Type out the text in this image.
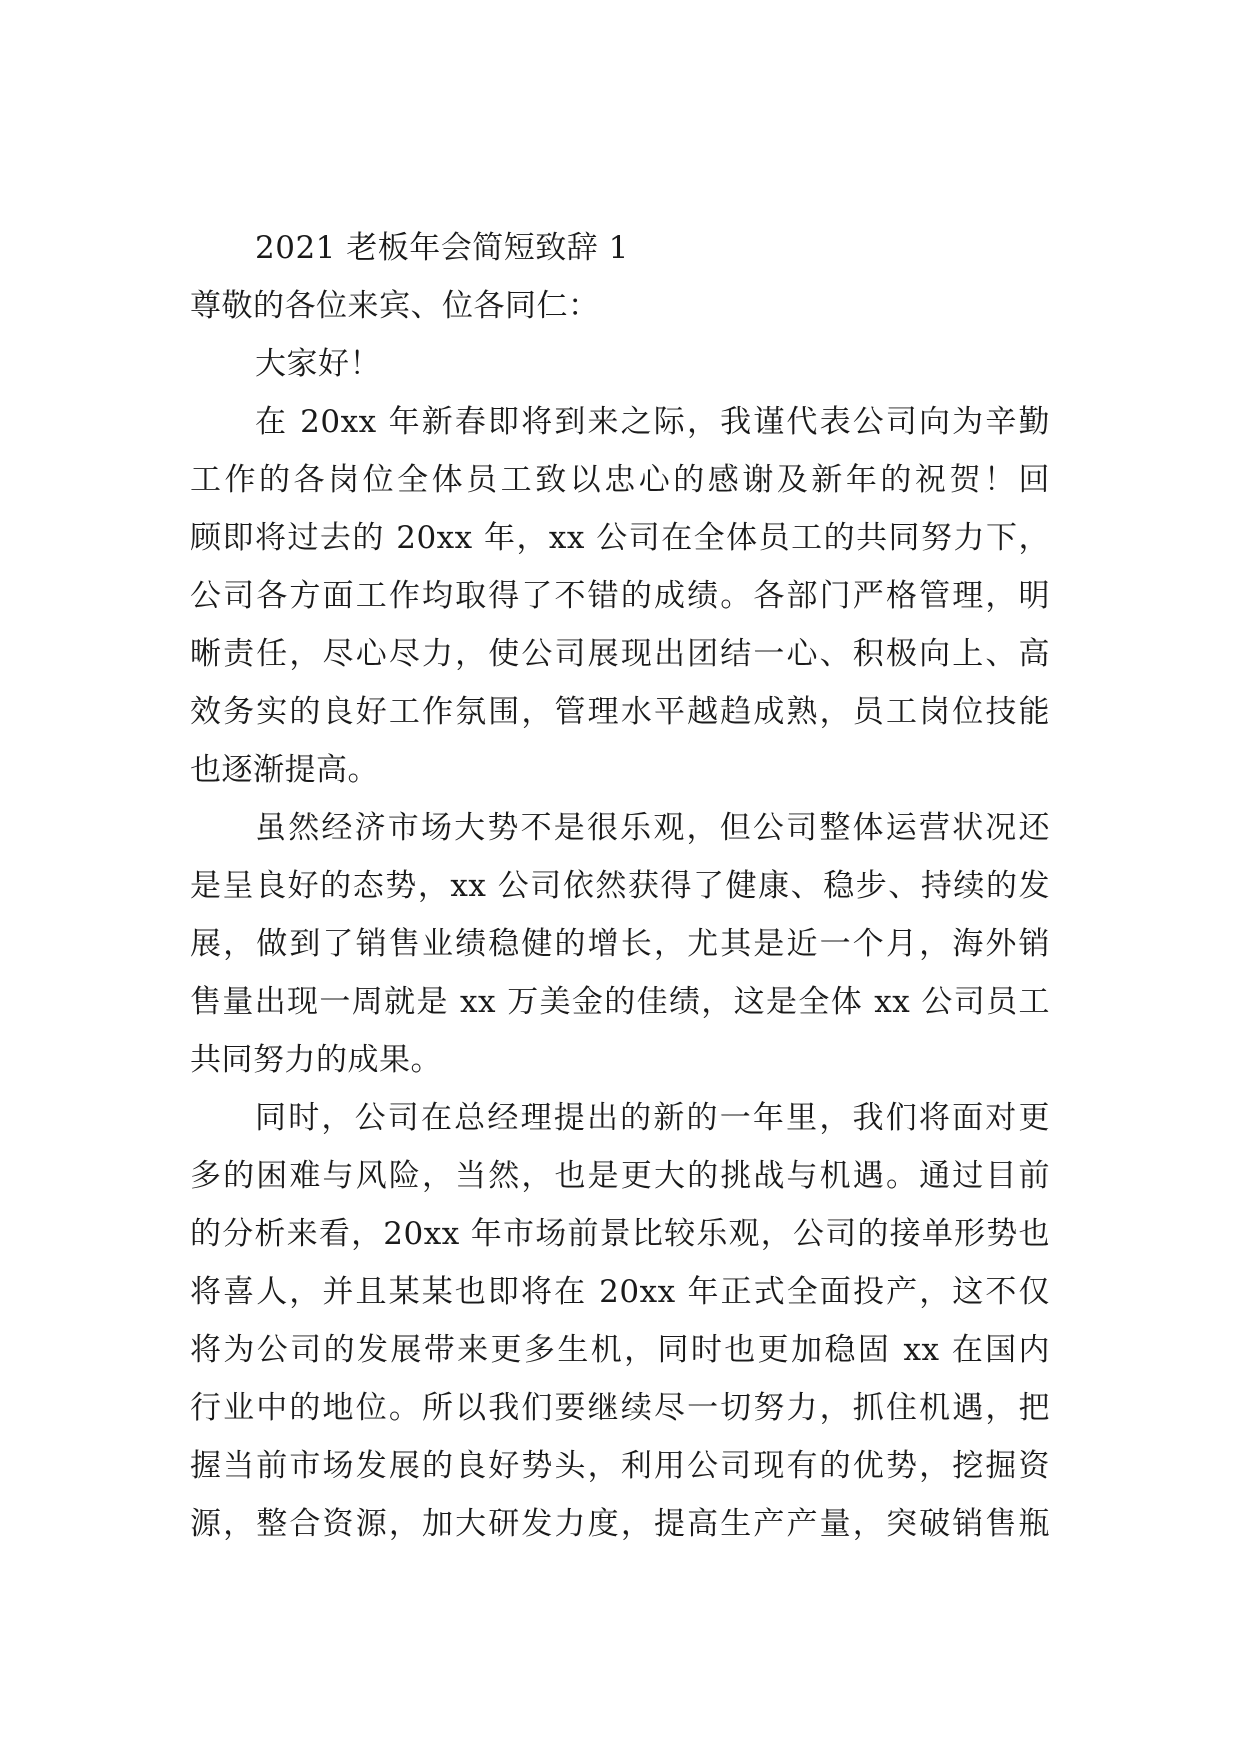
2021 老板年会简短致辞 1
尊敬的各位来宾、位各同仁：
大家好！
在 20xx 年新春即将到来之际，我谨代表公司向为辛勤
工作的各岗位全体员工致以忠心的感谢及新年的祝贺！回
顾即将过去的 20xx 年，xx 公司在全体员工的共同努力下，
公司各方面工作均取得了不错的成绩。各部门严格管理，明
晰责任，尽心尽力，使公司展现出团结一心、积极向上、高
效务实的良好工作氛围，管理水平越趋成熟，员工岗位技能
也逐渐提高。
虽然经济市场大势不是很乐观，但公司整体运营状况还
是呈良好的态势，xx 公司依然获得了健康、稳步、持续的发
展，做到了销售业绩稳健的增长，尤其是近一个月，海外销
售量出现一周就是 xx 万美金的佳绩，这是全体 xx 公司员工
共同努力的成果。
同时，公司在总经理提出的新的一年里，我们将面对更
多的困难与风险，当然，也是更大的挑战与机遇。通过目前
的分析来看，20xx 年市场前景比较乐观，公司的接单形势也
将喜人，并且某某也即将在 20xx 年正式全面投产，这不仅
将为公司的发展带来更多生机，同时也更加稳固 xx 在国内
行业中的地位。所以我们要继续尽一切努力，抓住机遇，把
握当前市场发展的良好势头，利用公司现有的优势，挖掘资
源，整合资源，加大研发力度，提高生产产量，突破销售瓶
